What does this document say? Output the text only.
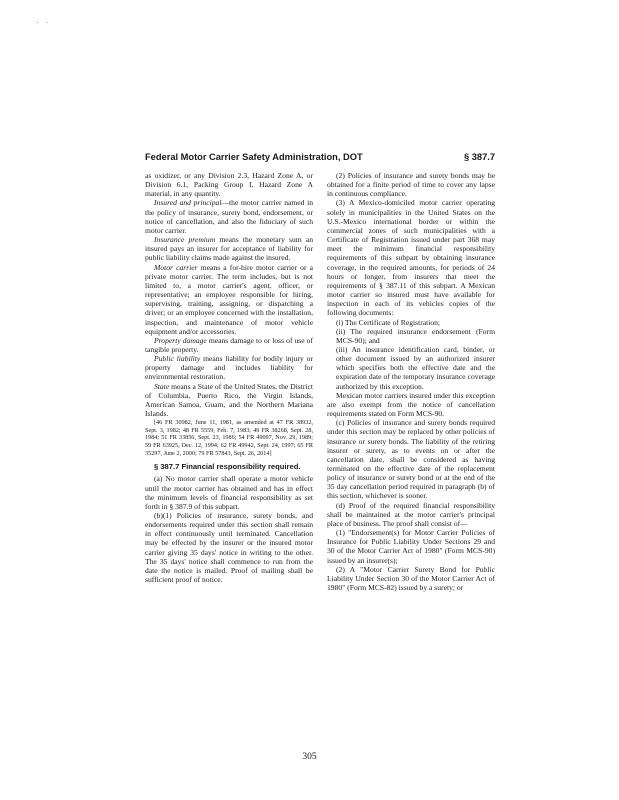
· ·
Federal Motor Carrier Safety Administration, DOT	§ 387.7

as oxidizer, or any Division 2.3, Hazard Zone A, or Division 6.1, Packing Group I, Hazard Zone A material, in any quantity.

Insured and principal—the motor carrier named in the policy of insurance, surety bond, endorsement, or notice of cancellation, and also the fiduciary of such motor carrier.

Insurance premium means the monetary sum an insured pays an insurer for acceptance of liability for public liability claims made against the insured.

Motor carrier means a for-hire motor carrier or a private motor carrier. The term includes, but is not limited to, a motor carrier's agent, officer, or representative; an employee responsible for hiring, supervising, training, assigning, or dispatching a driver; or an employee concerned with the installation, inspection, and maintenance of motor vehicle equipment and/or accessories.

Property damage means damage to or loss of use of tangible property.

Public liability means liability for bodily injury or property damage and includes liability for environmental restoration.

State means a State of the United States, the District of Columbia, Puerto Rico, the Virgin Islands, American Samoa, Guam, and the Northern Mariana Islands.

[46 FR 30982, June 11, 1981, as amended at 47 FR 38932, Sept. 3, 1982; 48 FR 5559, Feb. 7, 1983; 49 FR 38268, Sept. 28, 1984; 51 FR 33856, Sept. 23, 1986; 54 FR 49097, Nov. 29, 1989; 59 FR 63925, Dec. 12, 1994; 62 FR 49942, Sept. 24, 1997; 65 FR 35297, June 2, 2000; 79 FR 57843, Sept. 26, 2014]

§ 387.7 Financial responsibility required.

(a) No motor carrier shall operate a motor vehicle until the motor carrier has obtained and has in effect the minimum levels of financial responsibility as set forth in § 387.9 of this subpart.

(b)(1) Policies of insurance, surety bonds, and endorsements required under this section shall remain in effect continuously until terminated. Cancellation may be effected by the insurer or the insured motor carrier giving 35 days' notice in writing to the other. The 35 days' notice shall commence to run from the date the notice is mailed. Proof of mailing shall be sufficient proof of notice.

(2) Policies of insurance and surety bonds may be obtained for a finite period of time to cover any lapse in continuous compliance.

(3) A Mexico-domiciled motor carrier operating solely in municipalities in the United States on the U.S.-Mexico international border or within the commercial zones of such municipalities with a Certificate of Registration issued under part 368 may meet the minimum financial responsibility requirements of this subpart by obtaining insurance coverage, in the required amounts, for periods of 24 hours or longer, from insurers that meet the requirements of § 387.11 of this subpart. A Mexican motor carrier so insured must have available for inspection in each of its vehicles copies of the following documents:

(i) The Certificate of Registration;

(ii) The required insurance endorsement (Form MCS-90); and

(iii) An insurance identification card, binder, or other document issued by an authorized insurer which specifies both the effective date and the expiration date of the temporary insurance coverage authorized by this exception.

Mexican motor carriers insured under this exception are also exempt from the notice of cancellation requirements stated on Form MCS-90.

(c) Policies of insurance and surety bonds required under this section may be replaced by other policies of insurance or surety bonds. The liability of the retiring insurer or surety, as to events on or after the cancellation date, shall be considered as having terminated on the effective date of the replacement policy of insurance or surety bond or at the end of the 35 day cancellation period required in paragraph (b) of this section, whichever is sooner.

(d) Proof of the required financial responsibility shall be maintained at the motor carrier's principal place of business. The proof shall consist of—

(1) "Endorsement(s) for Motor Carrier Policies of Insurance for Public Liability Under Sections 29 and 30 of the Motor Carrier Act of 1980" (Form MCS-90) issued by an insurer(s);

(2) A "Motor Carrier Surety Bond for Public Liability Under Section 30 of the Motor Carrier Act of 1980" (Form MCS-82) issued by a surety; or

305
